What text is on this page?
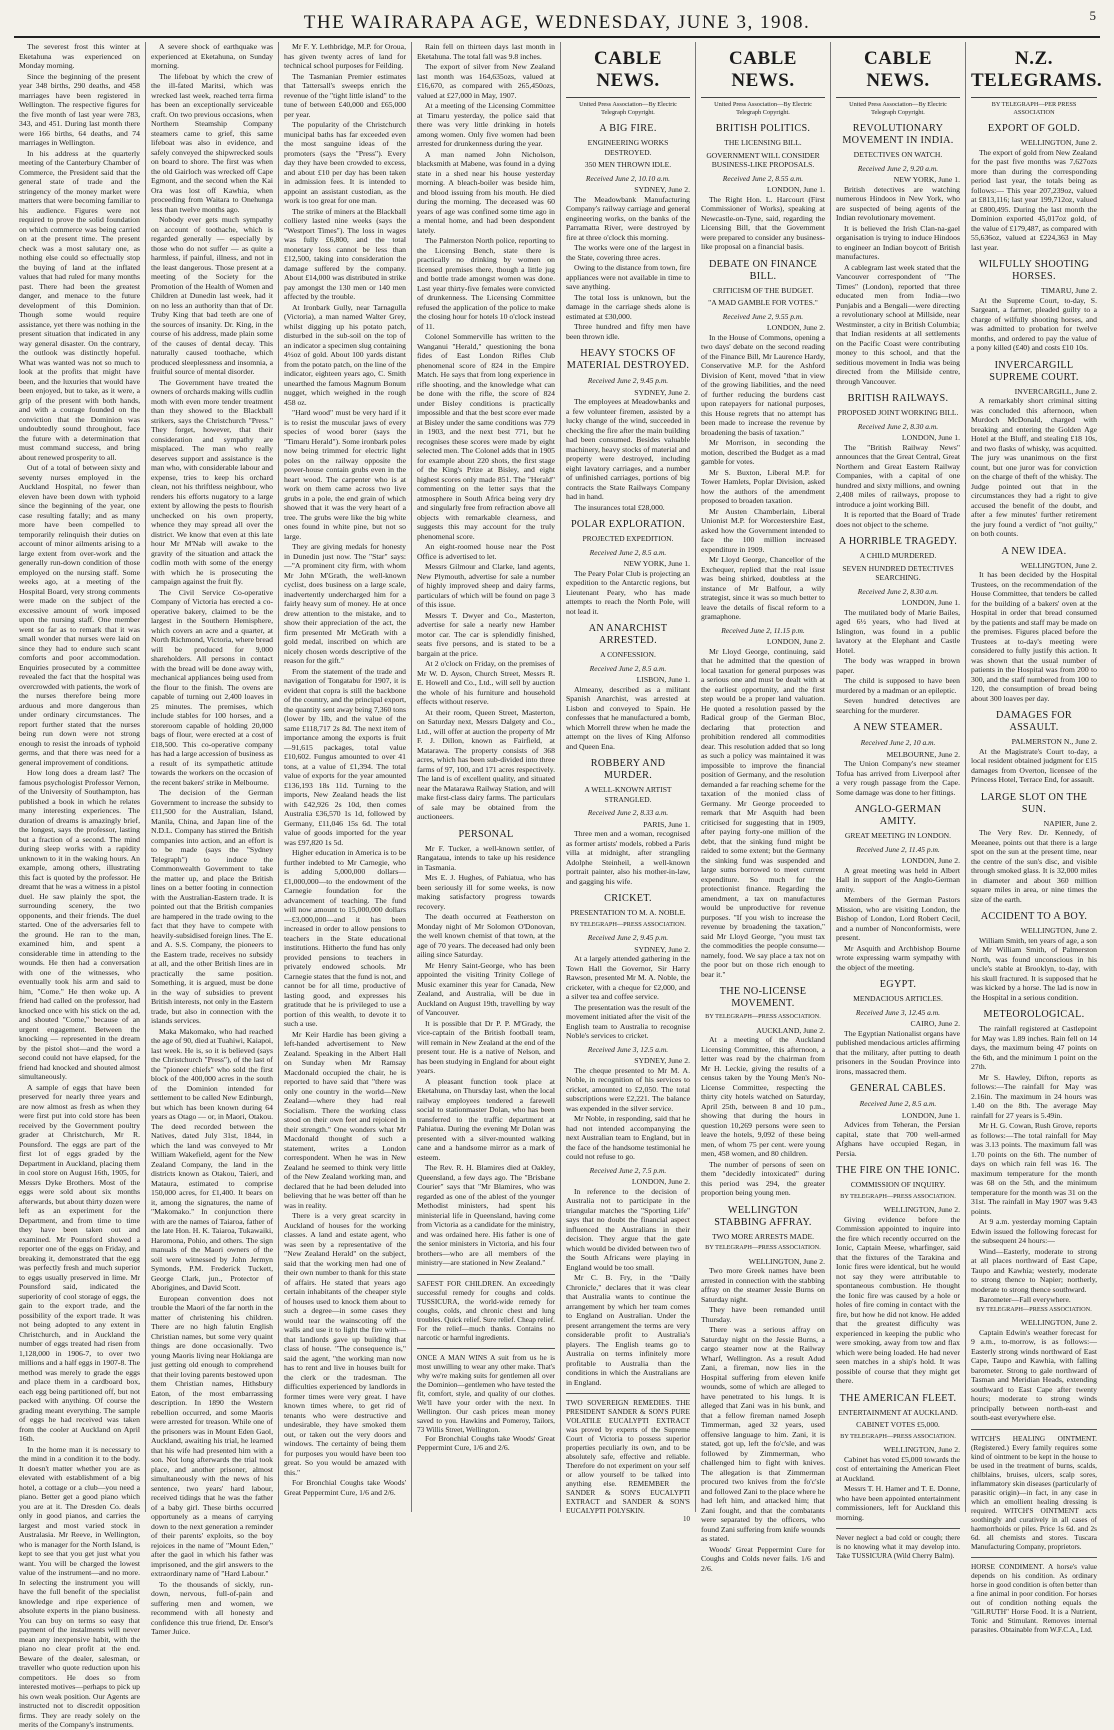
THE WAIRARAPA AGE, WEDNESDAY, JUNE 3, 1908.	5

The severest frost this winter at Eketahuna was experienced on Monday morning.

Since the beginning of the present year 348 births, 290 deaths, and 458 marriages have been registered in Wellington. The respective figures for the five month of last year were 783, 343, and 451. During last month there were 166 births, 64 deaths, and 74 marriages in Wellington.

In his address at the quarterly meeting of the Canterbury Chamber of Commerce, the President said that the general state of trade and the stringency of the money market were matters that were becoming familiar to his audience. Figures were not required to prove the solid foundation on which commerce was being carried on at the present time. The present check was a most salutary one, as nothing else could so effectually stop the buying of land at the inflated values that had ruled for many months past. There had been the greatest danger, and menace to the future development of this Dominion. Though some would require assistance, yet there was nothing in the present situation that indicated in any way general disaster. On the contrary, the outlook was distinctly hopeful. What was wanted was not so much to look at the profits that might have been, and the luxuries that would have been enjoyed, but to take, as it were, a grip of the present with both hands, and with a courage founded on the conviction that the Dominion was undoubtedly sound throughout, face the future with a determination that must command success, and bring about renewed prosperity to all.

Out of a total of between sixty and seventy nurses employed in the Auckland Hospital, no fewer than eleven have been down with typhoid since the beginning of the year, one case resulting fatally; and as many more have been compelled to temporarily relinquish their duties on account of minor ailments arising to a large extent from over-work and the generally run-down condition of those employed on the nursing staff. Some weeks ago, at a meeting of the Hospital Board, very strong comments were made on the subject of the excessive amount of work imposed upon the nursing staff. One member went so far as to remark that it was small wonder that nurses were laid on since they had to endure such scant comforts and poor accommodation. Enquiries prosecuted by a committee revealed the fact that the hospital was overcrowded with patients, the work of the nurses therefore being more arduous and more dangerous than under ordinary circumstances. The report further stated that the nurses being run down were not strong enough to resist the inroads of typhoid germs, and that there was need for a general improvement of conditions.

How long does a dream last? The famous psychologist Professor Vernon, of the University of Southampton, has published a book in which he relates many interesting experiences. The duration of dreams is amazingly brief, the longest, says the professor, lasting but a fraction of a second. The mind during sleep works with a rapidity unknown to it in the waking hours. An example, among others, illustrating this fact is quoted by the professor. He dreamt that he was a witness in a pistol duel. He saw plainly the spot, the surrounding scenery, the two opponents, and their friends. The duel started. One of the adversaries fell to the ground. He ran to the man, examined him, and spent a considerable time in attending to the wounds. He then had a conversation with one of the witnesses, who eventually took his arm and said to him, "Come." He then woke up. A friend had called on the professor, had knocked once with his stick on the ad, and shouted "Come," because of an urgent engagement. Between the knocking — represented in the dream by the pistol shot—and the word a second could not have elapsed, for the friend had knocked and shouted almost simultaneously.

A sample of eggs that have been preserved for nearly three years and are now almost as fresh as when they were first put into cold store has been received by the Government poultry grader at Christchurch, Mr R. Pounsford. The eggs are part of the first lot of eggs graded by the Department in Auckland, placing them in cool store on August 16th, 1905, for Messrs Dyke Brothers. Most of the eggs were sold about six months afterwards, but about thirty dozen were left as an experiment for the Department, and from time to time they have been taken out and examined. Mr Pounsford showed a reporter one of the eggs on Friday, and breaking it, demonstrated that the egg was perfectly fresh and much superior to eggs usually preserved in lime. Mr Pounsford said, indicated the superiority of cool storage of eggs, the gain to the export trade, and the possibility of the export trade. It was not being adopted to any extent in Christchurch, and in Auckland the number of eggs treated had risen from 1,128,000 in 1906-7, to over two millions and a half eggs in 1907-8. The method was merely to grade the eggs and place them in a cardboard box, each egg being partitioned off, but not packed with anything. Of course the grading meant everything. The sample of eggs he had received was taken from the cooler at Auckland on April 16th.

In the home man it is necessary to the mind in a condition it to the body. It doesn't matter whether you are as elevated with establishment of a big hotel, a cottage or a club—you need a piano. Better get a good piano which you are at it. The Dresden Co. deals only in good pianos, and carries the largest and most varied stock in Australasia. Mr Reeve, in Wellington, who is manager for the North Island, is kept to see that you get just what you want. You will be charged the lowest value of the instrument—and no more. In selecting the instrument you will have the full benefit of the specialist knowledge and ripe experience of absolute experts in the piano business. You can buy on terms so easy that payment of the instalments will never mean any inexpensive habit, with the piano no clear profit at the end. Beware of the dealer, salesman, or traveller who quote reduction upon his competitors. He does so from interested motives—perhaps to pick up his own weak position. Our Agents are instructed not to discredit opposition firms. They are ready solely on the merits of the Company's instruments.

A severe shock of earthquake was experienced at Eketahuna, on Sunday morning.

The lifeboat by which the crew of the ill-fated Maritsi, which was wrecked last week, reached terra firma has been an exceptionally serviceable craft. On two previous occasions, when Northern Steamship Company steamers came to grief, this same lifeboat was also in evidence, and safely conveyed the shipwrecked souls on board to shore. The first was when the old Gairloch was wrecked off Cape Egmont, and the second when the Kai Ora was lost off Kawhia, when proceeding from Waitara to Onehunga less than twelve months ago.

Nobody ever gets much sympathy on account of toothache, which is regarded generally — especially by those who do not suffer — as quite a harmless, if painful, illness, and not in the least dangerous. Those present at a meeting of the Society for the Promotion of the Health of Women and Children at Dunedin last week, had it on no less an authority than that of Dr. Truby King that bad teeth are one of the sources of insanity. Dr. King, in the course of his address, made plain some of the causes of dental decay. This naturally caused toothache, which produced sleeplessness and insomnia, a fruitful source of mental disorder.

The Government have treated the owners of orchards making wills cudlin moth with even more tender treatment than they showed to the Blackball strikers, says the Christchurch "Press." They forget, however, that their consideration and sympathy are misplaced. The man who really deserves support and assistance is the man who, with considerable labour and expense, tries to keep his orchard clean, not his thriftless neighbour, who renders his efforts nugatory to a large extent by allowing the pests to flourish unchecked on his own property, whence they may spread all over the district. We know that even at this late hour Mr M'Nab will awake to the gravity of the situation and attack the codlin moth with some of the energy with which he is prosecuting the campaign against the fruit fly.

The Civil Service Co-operative Company of Victoria has erected a co-operative bakery, claimed to be the largest in the Southern Hemisphere, which covers an acre and a quarter, at North Richmond, Victoria, where bread will be produced for 9,000 shareholders. All persons in contact with the bread will be done away with, mechanical appliances being used from the flour to the finish. The ovens are capable of turning out 2,400 loaves in 25 minutes. The premises, which include stables for 100 horses, and a storeroom capable of holding 20,000 bags of flour, were erected at a cost of £18,500. This co-operative company has had a large accession of business as a result of its sympathetic attitude towards the workers on the occasion of the recent bakers' strike in Melbourne.

The decision of the German Government to increase the subsidy to £11,500 for the Australian, Island, Manila, China, and Japan line of the N.D.L. Company has stirred the British companies into action, and an effort is to be made (says the "Sydney Telegraph") to induce the Commonwealth Government to take the matter up, and place the British lines on a better footing in connection with the Australian-Eastern trade. It is pointed out that the British companies are hampered in the trade owing to the fact that they have to compete with heavily-subsidised foreign lines. The E. and A. S.S. Company, the pioneers to the Eastern trade, receives no subsidy at all, and the other British lines are in practically the same position. Something, it is argued, must be done in the way of subsidies to prevent British interests, not only in the Eastern trade, but also in connection with the islands services.

Maka Makomako, who had reached the age of 90, died at Tuahiwi, Kaiapoi, last week. He is, so it is believed (says the Christchurch "Press"), of the last of the "pioneer chiefs" who sold the first block of the 400,000 acres in the south of the Dominion intended for settlement to be called New Edinburgh, but which has been known during 64 years as Otago — or, in Maori, Otakou. The deed recorded between the Natives, dated July 31st, 1844, in which the land was conveyed to Mr William Wakefield, agent for the New Zealand Company, the land in the districts known as Otakou, Taieri, and Mataura, estimated to comprise 150,000 acres, for £1,400. It bears on it, among the signatures, the name of "Makomako." In conjunction there with are the names of Taiaroa, father of the late Hon. H. K. Taiaroa, Tukawaiki, Haromona, Pohio, and others. The sign manuals of the Maori owners of the soil were witnessed by John Jermyn Symonds, P.M. Frederick Tuckett, George Clark, jun., Protector of Aborigines, and David Scott.

European convention does not trouble the Maori of the far north in the matter of christening his children. There are no high falutin English Christian names, but some very quaint things are done occasionally. Two young Maoris living near Hokianga are just getting old enough to comprehend that their loving parents bestowed upon them Christian names, Hithsbury Eaton, of the most embarrassing description. In 1890 the Western rebellion occurred, and some Maoris were arrested for treason. While one of the prisoners was in Mount Eden Gaol, Auckland, awaiting his trial, he learned that his wife had presented him with a son. Not long afterwards the trial took place, and another prisoner, almost simultaneously with the news of his sentence, two years' hard labour, received tidings that he was the father of a baby girl. These births occurred opportunely as a means of carrying down to the next generation a reminder of their parents' exploits, so the boy rejoices in the name of "Mount Eden," after the gaol in which his father was imprisoned, and the girl answers to the extraordinary name of "Hard Labour."

To the thousands of sickly, run-down, nervous, full-of-pain and suffering men and women, we recommend with all honesty and confidence this true friend, Dr. Ensor's Tamer Juice.

Mr F. Y. Lethbridge, M.P. for Oroua, has given twenty acres of land for technical school purposes for Feilding.

The Tasmanian Premier estimates that Tattersall's sweeps enrich the revenue of the "tight little island" to the tune of between £40,000 and £65,000 per year.

The popularity of the Christchurch municipal baths has far exceeded even the most sanguine ideas of the promoters (says the "Press"). Every day they have been crowded to excess, and about £10 per day has been taken in admission fees. It is intended to appoint an assistant custodian, as the work is too great for one man.

The strike of miners at the Blackball colliery lasted nine weeks (says the "Westport Times"). The loss in wages was fully £6,800, and the total monetary loss cannot be less than £12,500, taking into consideration the damage suffered by the company. About £14,000 was distributed in strike pay amongst the 130 men or 140 men affected by the trouble.

At Ironbark Gully, near Tarnagulla (Victoria), a man named Walter Grey, whilst digging up his potato patch, disturbed in the sub-soil on the top of an indicator a specimen slug containing 4½oz of gold. About 100 yards distant from the potato patch, on the line of the indicator, eighteen years ago, C. Smith unearthed the famous Magnum Bonum nugget, which weighed in the rough 458 oz.

"Hard wood" must be very hard if it is to resist the muscular jaws of every species of wood borer (says the "Timaru Herald"). Some ironbark poles now being trimmed for electric light poles on the railway opposite the power-house contain grubs even in the heart wood. The carpenter who is at work on them came across two live grubs in a pole, the end grain of which showed that it was the very heart of a tree. The grubs were like the big white ones found in white pine, but not so large.

They are giving medals for honesty in Dunedin just now. The "Star" says:—"A prominent city firm, with whom Mr John M'Grath, the well-known cyclist, does business on a large scale, inadvertently undercharged him for a fairly heavy sum of money. He at once drew attention to the mistake, and to show their appreciation of the act, the firm presented Mr McGrath with a gold medal, inscribed on which are nicely chosen words descriptive of the reason for the gift."

From the statement of the trade and navigation of Tongatabu for 1907, it is evident that copra is still the backbone of the country, and the principal export, the quantity sent away being 7,360 tons (lower by 1lb, and the value of the same £118,717 2s 8d. The next item of importance among the exports is fruit—91,615 packages, total value £10,602. Fungus amounted to over 41 tons, at a value of £1,394. The total value of exports for the year amounted £136,193 18s 11d. Turning to the imports, New Zealand heads the list with £42,926 2s 10d, then comes Australia £36,570 1s 1d, followed by Germany, £11,046 15s 6d. The total value of goods imported for the year was £97,820 1s 5d.

Higher education in America is to be further indebted to Mr Carnegie, who is adding 5,000,000 dollars—£1,000,000—to the endowment of the Carnegie foundation for the advancement of teaching. The fund will now amount to 15,000,000 dollars—£3,000,000—and it has been increased in order to allow pensions to teachers in the State educational institutions. Hitherto the fund has only provided pensions to teachers in privately endowed schools. Mr Carnegie states that the fund is not, and cannot be for all time, productive of lasting good, and expresses his gratitude that he is privileged to use a portion of this wealth, to devote it to such a use.

Mr Keir Hardie has been giving a left-handed advertisement to New Zealand. Speaking in the Albert Hall on Sunday when Mr Ramsay Macdonald occupied the chair, he is reported to have said that "there was only one country in the world—New Zealand—where they had real Socialism. There the working class stood on their own feet and rejoiced in their strength." One wonders what Mr Macdonald thought of such a statement, writes a London correspondent. When he was in New Zealand he seemed to think very little of the New Zealand working man, and declared that he had been deluded into believing that he was better off than he was in reality.

There is a very great scarcity in Auckland of houses for the working classes. A land and estate agent, who was seen by a representative of the "New Zealand Herald" on the subject, said that the working men had one of their own number to thank for this state of affairs. He stated that years ago certain inhabitants of the cheaper style of houses used to knock them about to such a degree—in some cases they would tear the wainscoting off the walls and use it to light the fire with—that landlords gave up building that class of house. "The consequence is," said the agent, "the working man now has to rent and live in houses built for the clerk or the tradesman. The difficulties experienced by landlords in former times were very great. I have known times where, to get rid of tenants who were destructive and undesirable, they have smoked them out, or taken out the very doors and windows. The certainty of being them for purposes you would have been too great. So you would be amazed with this."

For Bronchial Coughs take Woods' Great Peppermint Cure, 1/6 and 2/6.

Rain fell on thirteen days last month in Eketahuna. The total fall was 9.8 inches.

The export of silver from New Zealand last month was 164,635ozs, valued at £16,670, as compared with 265,450ozs, valued at £27,000 in May, 1907.

At a meeting of the Licensing Committee at Timaru yesterday, the police said that there was very little drinking in hotels among women. Only five women had been arrested for drunkenness during the year.

A man named John Nicholson, blacksmith at Mabene, was found in a dying state in a shed near his house yesterday morning. A bleach-boiler was beside him, and blood issuing from his mouth. He died during the morning. The deceased was 60 years of age was confined some time ago in a mental home, and had been despondent lately.

The Palmerston North police, reporting to the Licensing Bench, state there is practically no drinking by women on licensed premises there, though a little jug and bottle trade amongst women was done. Last year thirty-five females were convicted of drunkenness. The Licensing Committee refused the application of the police to make the closing hour for hotels 10 o'clock instead of 11.

Colonel Sommerville has written to the Wanganui "Herald," questioning the bona fides of East London Rifles Club phenomenal score of 824 in the Empire Match. He says that from long experience in rifle shooting, and the knowledge what can be done with the rifle, the score of 824 under Bisley conditions is practically impossible and that the best score ever made at Bisley under the same conditions was 779 in 1903, and the next best 771, but he recognises these scores were made by eight selected men. The Colonel adds that in 1905 for example about 220 shots, the first stage of the King's Prize at Bisley, and eight highest scores only made 851. The "Herald" commenting on the letter says that the atmosphere in South Africa being very dry and singularly free from refraction above all objects with remarkable clearness, and suggests this may account for the truly phenomenal score.

An eight-roomed house near the Post Office is advertised to let.

Messrs Gilmour and Clarke, land agents, New Plymouth, advertise for sale a number of highly improved sheep and dairy farms, particulars of which will be found on page 3 of this issue.

Messrs T. Dwyer and Co., Masterton, advertise for sale a nearly new Hamber motor car. The car is splendidly finished, seats five persons, and is stated to be a bargain at the price.

At 2 o'clock on Friday, on the premises of Mr W. D. Ayson, Church Street, Messrs R. E. Howell and Co., Ltd., will sell by auction the whole of his furniture and household effects without reserve.

At their room, Queen Street, Masterton, on Saturday next, Messrs Dalgety and Co., Ltd., will offer at auction the property of Mr F. J. Dillon, known as Fairfield, at Matarawa. The property consists of 368 acres, which has been sub-divided into three farms of 97, 100, and 171 acres respectively. The land is of excellent quality, and situated near the Matarawa Railway Station, and will make first-class dairy farms. The particulars of sale may be obtained from the auctioneers.

PERSONAL

Mr F. Tucker, a well-known settler, of Rangataua, intends to take up his residence in Tasmania.

Mrs E. J. Hughes, of Pahiatua, who has been seriously ill for some weeks, is now making satisfactory progress towards recovery.

The death occurred at Featherston on Monday night of Mr Solomon O'Donovan, the well known chemist of that town, at the age of 70 years. The deceased had only been ailing since Saturday.

Mr Henry Saint-George, who has been appointed the visiting Trinity College of Music examiner this year for Canada, New Zealand, and Australia, will be due in Auckland on August 19th, travelling by way of Vancouver.

It is possible that Dr P. P. M'Grady, the vice-captain of the British football team, will remain in New Zealand at the end of the present tour. He is a native of Nelson, and has been studying in England for about eight years.

A pleasant function took place at Eketahuna, on Thursday last, when the local railway employees tendered a farewell social to stationmaster Dolan, who has been transferred to the traffic department at Pahiatua. During the evening Mr Dolan was presented with a silver-mounted walking cane and a handsome mirror as a mark of esteem.

The Rev. R. H. Blamires died at Oakley, Queensland, a few days ago. The "Brisbane Courier" says that "Mr Blamires, who was regarded as one of the ablest of the younger Methodist ministers, had spent his ministerial life in Queensland, having come from Victoria as a candidate for the ministry, and was ordained here. His father is one of the senior ministers in Victoria, and his four brothers—who are all members of the ministry—are stationed in New Zealand."

SAFEST FOR CHILDREN. An exceedingly successful remedy for coughs and colds. TUSSICURA, the world-wide remedy for coughs, colds, and chronic chest and lung troubles. Quick relief. Sure relief. Cheap relief. For the relief—much thanks. Contains no narcotic or harmful ingredients.
ONCE A MAN WINS A suit from us he is most unwilling to wear any other make. That's why we're making suits for gentlemen all over the Dominion—gentlemen who have tested the fit, comfort, style, and quality of our clothes. We'll have your order with the next. In Wellington. Our cash prices mean money saved to you. Hawkins and Pomeroy, Tailors, 73 Willis Street, Wellington.

For Bronchial Coughs take Woods' Great Peppermint Cure, 1/6 and 2/6.

CABLE NEWS.
United Press Association—By Electric Telegraph Copyright.
A BIG FIRE.
ENGINEERING WORKS DESTROYED.
350 MEN THROWN IDLE.
Received June 2, 10.10 a.m.
SYDNEY, June 2.

The Meadowbank Manufacturing Company's railway carriage and general engineering works, on the banks of the Parramatta River, were destroyed by fire at three o'clock this morning.

The works were one of the largest in the State, covering three acres.

Owing to the distance from town, fire appliances were not available in time to save anything.

The total loss is unknown, but the damage in the carriage sheds alone is estimated at £30,000.

Three hundred and fifty men have been thrown idle.

HEAVY STOCKS OF MATERIAL DESTROYED.
Received June 2, 9.45 p.m.
SYDNEY, June 2.

The employees at Meadowbanks and a few volunteer firemen, assisted by a lucky change of the wind, succeeded in checking the fire after the main building had been consumed. Besides valuable machinery, heavy stocks of material and property were destroyed, including eight lavatory carriages, and a number of unfinished carriages, portions of big contracts the State Railways Company had in hand.

The insurances total £28,000.

POLAR EXPLORATION.
PROJECTED EXPEDITION.
Received June 2, 8.5 a.m.
NEW YORK, June 1.

The Peary Polar Club is projecting an expedition to the Antarctic regions, but Lieutenant Peary, who has made attempts to reach the North Pole, will not lead it.

AN ANARCHIST ARRESTED.
A CONFESSION.
Received June 2, 8.5 a.m.
LISBON, June 1.

Almeany, described as a militant Spanish Anarchist, was arrested at Lisbon and conveyed to Spain. He confesses that he manufactured a bomb, which Morrell threw when he made the attempt on the lives of King Alfonso and Queen Ena.

ROBBERY AND MURDER.
A WELL-KNOWN ARTIST STRANGLED.
Received June 2, 8.33 a.m.
PARIS, June 1.

Three men and a woman, recognised as former artists' models, robbed a Paris villa at midnight, after strangling Adolphe Steinheil, a well-known portrait painter, also his mother-in-law, and gagging his wife.

CRICKET.
PRESENTATION TO M. A. NOBLE.
BY TELEGRAPH—PRESS ASSOCIATION.
Received June 2, 9.45 p.m.
SYDNEY, June 2.

At a largely attended gathering in the Town Hall the Governor, Sir Harry Rawson, presented Mr M. A. Noble, the cricketer, with a cheque for £2,000, and a silver tea and coffee service.

The presentation was the result of the movement initiated after the visit of the English team to Australia to recognise Noble's services to cricket.

Received June 3, 12.5 a.m.
SYDNEY, June 2.

The cheque presented to Mr M. A. Noble, in recognition of his services to cricket, amounted to £2,050. The total subscriptions were £2,221. The balance was expended in the silver service.

Mr Noble, in responding, said that he had not intended accompanying the next Australian team to England, but in the face of the handsome testimonial he could not refuse to go.

Received June 2, 7.5 p.m.
LONDON, June 2.

In reference to the decision of Australia not to participate in the triangular matches the "Sporting Life" says that no doubt the financial aspect influenced the Australians in their decision. They argue that the gate which would be divided between two of the South Africans were playing in England would be too small.

Mr C. B. Fry, in the "Daily Chronicle," declares that it was clear that Australia wants to continue the arrangement by which her team comes to England on Australian. Under the present arrangement the terms are very considerable profit to Australia's players. The English teams go to Australia on terms infinitely more profitable to Australia than the conditions in which the Australians are in England.

TWO SOVEREIGN REMEDIES. THE PRESIDENT SANDER & SON'S PURE VOLATILE EUCALYPTI EXTRACT was proved by experts of the Supreme Court of Victoria to possess superior properties peculiarly its own, and to be absolutely safe, effective and reliable. Therefore do not experiment on your self or allow yourself to be talked into anything else. REMEMBER the SANDER & SON'S EUCALYPTI EXTRACT and SANDER & SON'S EUCALYPTI POLYSKIN.
10
CABLE NEWS.
United Press Association—By Electric Telegraph Copyright.
BRITISH POLITICS.
THE LICENSING BILL.
GOVERNMENT WILL CONSIDER BUSINESS-LIKE PROPOSALS.
Received June 2, 8.55 a.m.
LONDON, June 1.

The Right Hon. L. Harcourt (First Commissioner of Works), speaking at Newcastle-on-Tyne, said, regarding the Licensing Bill, that the Government were prepared to consider any business-like proposal on a financial basis.

DEBATE ON FINANCE BILL.
CRITICISM OF THE BUDGET.
"A MAD GAMBLE FOR VOTES."
Received June 2, 9.55 p.m.
LONDON, June 2.

In the House of Commons, opening a two days' debate on the second reading of the Finance Bill, Mr Laurence Hardy, Conservative M.P. for the Ashford Division of Kent, moved "that in view of the growing liabilities, and the need of further reducing the burdens cast upon ratepayers for national purposes, this House regrets that no attempt has been made to increase the revenue by broadening the basis of taxation."

Mr Morrison, in seconding the motion, described the Budget as a mad gamble for votes.

Mr S. Buxton, Liberal M.P. for Tower Hamlets, Poplar Division, asked how the authors of the amendment proposed to broaden taxation.

Mr Austen Chamberlain, Liberal Unionist M.P. for Worcestershire East, asked how the Government intended to face the 100 million increased expenditure in 1909.

Mr Lloyd George, Chancellor of the Exchequer, replied that the real issue was being shirked, doubtless at the instance of Mr Balfour, a wily strategist, since it was so much better to leave the details of fiscal reform to a gramaphone.

Received June 2, 11.15 p.m.
LONDON, June 2.

Mr Lloyd George, continuing, said that he admitted that the question of local taxation for general purposes was a serious one and must be dealt with at the earliest opportunity, and the first step would be a proper land valuation. He quoted a resolution passed by the Radical group of the German Bloc, declaring that protection and prohibition rendered all commodities dear. This resolution added that so long as such a policy was maintained it was impossible to improve the financial position of Germany, and the resolution demanded a far reaching scheme for the taxation of the monied class of Germany. Mr George proceeded to remark that Mr Asquith had been criticised for suggesting that in 1909, after paying forty-one million of the debt, that the sinking fund might be raided to some extent; but the Germany the sinking fund was suspended and large sums borrowed to meet current expenditure. So much for the protectionist finance. Regarding the amendment, a tax on manufactures would be unproductive for revenue purposes. "If you wish to increase the revenue by broadening the taxation," said Mr Lloyd George, "you must tax the commodities the people consume—namely, food. We say place a tax not on the poor but on those rich enough to bear it."

THE NO-LICENSE MOVEMENT.
BY TELEGRAPH—PRESS ASSOCIATION.
AUCKLAND, June 2.

At a meeting of the Auckland Licensing Committee, this afternoon, a letter was read by the chairman from Mr H. Leckie, giving the results of a census taken by the Young Men's No-License Committee, respecting the thirty city hotels watched on Saturday, April 25th, between 8 and 10 p.m., showing that during the hours in question 10,269 persons were seen to leave the hotels, 9,092 of these being men, of whom 75 per cent. were young men, 458 women, and 80 children.

The number of persons of seen on them "decidedly intoxicated" during this period was 294, the greater proportion being young men.

WELLINGTON STABBING AFFRAY.
TWO MORE ARRESTS MADE.
BY TELEGRAPH—PRESS ASSOCIATION.
WELLINGTON, June 2.

Two more Greek names have been arrested in connection with the stabbing affray on the steamer Jessie Burns on Saturday night.

They have been remanded until Thursday.

There was a serious affray on Saturday night on the Jessie Burns, a cargo steamer now at the Railway Wharf, Wellington. As a result Adud Zani, a fireman, now lies in the Hospital suffering from eleven knife wounds, some of which are alleged to have penetrated to his lungs. It is alleged that Zani was in his bunk, and that a fellow fireman named Joseph Timmerman, aged 32 years, used offensive language to him. Zani, it is stated, got up, left the fo'c'sle, and was followed by Zimmerman, who challenged him to fight with knives. The allegation is that Zimmerman procured two knives from the fo'c'sle and followed Zani to the place where he had left him, and attacked him; that Zani fought, and that the combatants were separated by the officers, who found Zani suffering from knife wounds as stated.

Woods' Great Peppermint Cure for Coughs and Colds never fails. 1/6 and 2/6.

CABLE NEWS.
United Press Association—By Electric Telegraph Copyright.
REVOLUTIONARY MOVEMENT IN INDIA.
DETECTIVES ON WATCH.
Received June 2, 9.20 a.m.
NEW YORK, June 1.

British detectives are watching numerous Hindoos in New York, who are suspected of being agents of the Indian revolutionary movement.

It is believed the Irish Clan-na-gael organisation is trying to induce Hindoos to engineer an Indian boycott of British manufactures.

A cablegram last week stated that the Vancouver correspondent of "The Times" (London), reported that three educated men from India—two Punjabis and a Bengali—were directing a revolutionary school at Millside, near Westminster, a city in British Columbia; that Indian residents at all settlements on the Pacific Coast were contributing money to this school, and that the seditious movement in India was being directed from the Millside centre, through Vancouver.

BRITISH RAILWAYS.
PROPOSED JOINT WORKING BILL.
Received June 2, 8.30 a.m.
LONDON, June 1.

The "British Railway News" announces that the Great Central, Great Northern and Great Eastern Railway Companies, with a capital of one hundred and sixty millions, and owning 2,408 miles of railways, propose to introduce a joint working Bill.

It is reported that the Board of Trade does not object to the scheme.

A HORRIBLE TRAGEDY.
A CHILD MURDERED.
SEVEN HUNDRED DETECTIVES SEARCHING.
Received June 2, 8.30 a.m.
LONDON, June 1.

The mutilated body of Marie Bailes, aged 6½ years, who had lived at Islington, was found in a public lavatory at the Elephant and Castle Hotel.

The body was wrapped in brown paper.

The child is supposed to have been murdered by a madman or an epileptic.

Seven hundred detectives are searching for the murderer.

A NEW STEAMER.
Received June 2, 10 a.m.
MELBOURNE, June 2.

The Union Company's new steamer Tofua has arrived from Liverpool after a very rough passage from the Cape. Some damage was done to her fittings.

ANGLO-GERMAN AMITY.
GREAT MEETING IN LONDON.
Received June 2, 11.45 p.m.
LONDON, June 2.

A great meeting was held in Albert Hall in support of the Anglo-German amity.

Members of the German Pastors Mission, who are visiting London, the Bishop of London, Lord Robert Cecil, and a number of Nonconformists, were present.

Mr Asquith and Archbishop Bourne wrote expressing warm sympathy with the object of the meeting.

EGYPT.
MENDACIOUS ARTICLES.
Received June 3, 12.45 a.m.
CAIRO, June 2.

The Egyptian Nationalist organs have published mendacious articles affirming that the military, after putting to death prisoners in the Soudan Province into irons, massacred them.

GENERAL CABLES.
Received June 2, 8.5 a.m.
LONDON, June 1.

Advices from Teheran, the Persian capital, state that 700 well-armed Afghans have occupied Regan, in Persia.

THE FIRE ON THE IONIC.
COMMISSION OF INQUIRY.
BY TELEGRAPH—PRESS ASSOCIATION.
WELLINGTON, June 2.

Giving evidence before the Commission appointed to inquire into the fire which recently occurred on the Ionic, Captain Meese, wharfinger, said that the fixtures of the Tarakina and Ionic fires were identical, but he would not say they were attributable to spontaneous combustion. He thought the Ionic fire was caused by a hole or holes of fire coming in contact with the fire, but how he did not know. He added that the greatest difficulty was experienced in keeping the public who were smoking, away from tow and flax which were being loaded. He had never seen matches in a ship's hold. It was possible of course that they might get there.

THE AMERICAN FLEET.
ENTERTAINMENT AT AUCKLAND.
CABINET VOTES £5,000.
BY TELEGRAPH—PRESS ASSOCIATION.
WELLINGTON, June 2.

Cabinet has voted £5,000 towards the cost of entertaining the American Fleet at Auckland.

Messrs T. H. Hamer and T. E. Donne, who have been appointed entertainment commissioners, left for Auckland this morning.

Never neglect a bad cold or cough; there is no knowing what it may develop into. Take TUSSICURA (Wild Cherry Balm).
N.Z. TELEGRAMS.
BY TELEGRAPH—PER PRESS ASSOCIATION
EXPORT OF GOLD.
WELLINGTON, June 2.

The export of gold from New Zealand for the past five months was 7,627ozs more than during the corresponding period last year, the totals being as follows:— This year 207,239oz, valued at £813,116; last year 199,712oz, valued at £800,495. During the last month the Dominion exported 45,017oz gold, of the value of £179,487, as compared with 55,636oz, valued at £224,363 in May last year.

WILFULLY SHOOTING HORSES.
TIMARU, June 2.

At the Supreme Court, to-day, S. Sargeant, a farmer, pleaded guilty to a charge of wilfully shooting horses, and was admitted to probation for twelve months, and ordered to pay the value of a pony killed (£40) and costs £10 10s.

INVERCARGILL SUPREME COURT.
INVERCARGILL, June 2.

A remarkably short criminal sitting was concluded this afternoon, when Murdoch McDonald, charged with breaking and entering the Golden Age Hotel at the Bluff, and stealing £18 10s, and two flasks of whisky, was acquitted. The jury was unanimous on the first count, but one juror was for conviction on the charge of theft of the whisky. The Judge pointed out that in the circumstances they had a right to give accused the benefit of the doubt, and after a few minutes' further retirement the jury found a verdict of "not guilty," on both counts.

A NEW IDEA.
WELLINGTON, June 2.

It has been decided by the Hospital Trustees, on the recommendation of the House Committee, that tenders be called for the building of a bakers' oven at the Hospital in order that bread consumed by the patients and staff may be made on the premises. Figures placed before the Trustees at to-day's meeting were considered to fully justify this action. It was shown that the usual number of patients in the Hospital was from 200 to 300, and the staff numbered from 100 to 120, the consumption of bread being about 300 loaves per day.

DAMAGES FOR ASSAULT.
PALMERSTON N., June 2.

At the Magistrate's Court to-day, a local resident obtained judgment for £15 damages from Overton, licensee of the Princess Hotel, Terrace End, for assault.

LARGE SLOT ON THE SUN.
NAPIER, June 2.

The Very Rev. Dr. Kennedy, of Meeanee, points out that there is a large spot on the sun at the present time, near the centre of the sun's disc, and visible through smoked glass. It is 32,000 miles in diameter and about 360 million square miles in area, or nine times the size of the earth.

ACCIDENT TO A BOY.
WELLINGTON, June 2.

William Smith, ten years of age, a son of Mr William Smith, of Palmerston North, was found unconscious in his uncle's stable at Brooklyn, to-day, with his skull fractured. It is supposed that he was kicked by a horse. The lad is now in the Hospital in a serious condition.

METEOROLOGICAL.

The rainfall registered at Castlepoint for May was 1.89 inches. Rain fell on 14 days, the maximum being 47 points on the 6th, and the minimum 1 point on the 27th.

Mr S. Hawley, Difton, reports as follows:—The rainfall for May was 2.16in. The maximum in 24 hours was 1.40 on the 8th. The average May rainfall for 27 years is 5.49in.

Mr H. G. Cowan, Rush Grove, reports as follows:—The total rainfall for May was 3.13 points. The maximum fall was 1.70 points on the 6th. The number of days on which rain fell was 16. The maximum temperature for the month was 68 on the 5th, and the minimum temperature for the month was 31 on the 31st. The rainfall in May 1907 was 9.43 points.

At 9 a.m. yesterday morning Captain Edwin issued the following forecast for the subsequent 24 hours:—

Wind—Easterly, moderate to strong at all places northward of East Cape, Taupo and Kawhia; westerly, moderate to strong thence to Napier; northerly, moderate to strong thence southward.

Barometer—Fall everywhere.

BY TELEGRAPH—PRESS ASSOCIATION.
WELLINGTON, June 2.

Captain Edwin's weather forecast for 9 a.m., to-morrow, is as follows:—Easterly strong winds northward of East Cape, Taupo and Kawhia, with falling barometer. Strong to gale northward of Tasman and Meridian Heads, extending southward to East Cape after twenty hours; moderate to strong winds principally between north-east and south-east everywhere else.

WITCH'S HEALING OINTMENT. (Registered.) Every family requires some kind of ointment to be kept in the house to be used in the treatment of burns, scalds, chilblains, bruises, ulcers, scalp sores, inflammatory skin diseases (particularly of parasitic origin)—in fact, in any case in which an emollient healing dressing is required. WITCH'S OINTMENT acts soothingly and curatively in all cases of haemorrhoids or piles. Price 1s 6d. and 2s 6d. all chemists and stores. Tuscara Manufacturing Company, proprietors.
HORSE CONDIMENT. A horse's value depends on his condition. As ordinary horse in good condition is often better than a fine animal in poor condition. For horses out of condition nothing equals the "GILRUTH" Horse Food. It is a Nutrient, Tonic and Stimulant. Removes internal parasites. Obtainable from W.F.C.A., Ltd.
